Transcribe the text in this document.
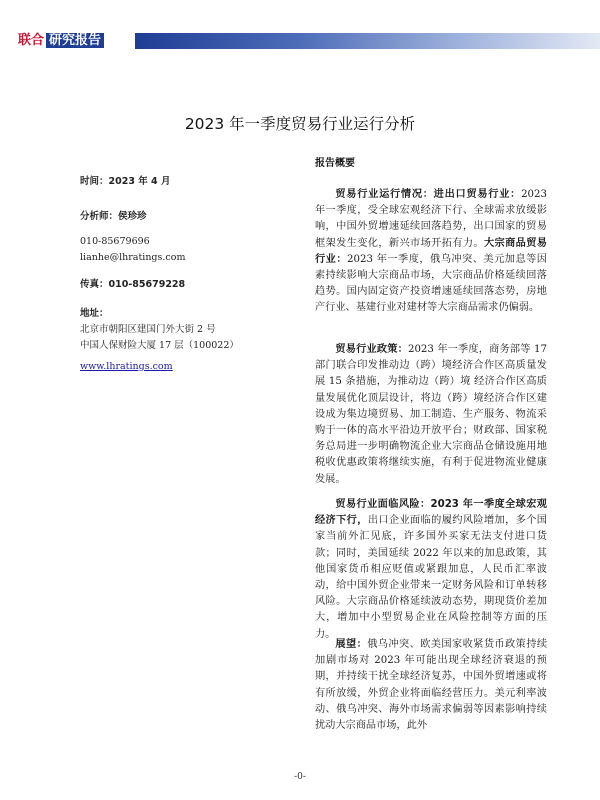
联合 研究报告
2023 年一季度贸易行业运行分析
时间：2023 年 4 月
分析师：侯珍珍
010-85679696
lianhe@lhratings.com
传真：010-85679228
地址：
北京市朝阳区建国门外大街 2 号
中国人保财险大厦 17 层（100022）
www.lhratings.com
报告概要

贸易行业运行情况：进出口贸易行业：2023 年一季度，受全球宏观经济下行、全球需求放缓影响，中国外贸增速延续回落趋势，出口国家的贸易框架发生变化，新兴市场开拓有力。大宗商品贸易行业：2023 年一季度，俄乌冲突、美元加息等因素持续影响大宗商品市场，大宗商品价格延续回落趋势。国内固定资产投资增速延续回落态势，房地产行业、基建行业对建材等大宗商品需求仍偏弱。

贸易行业政策：2023 年一季度，商务部等 17 部门联合印发推动边（跨）境经济合作区高质量发展 15 条措施，为推动边（跨）境 经济合作区高质量发展优化顶层设计，将边（跨）境经济合作区建设成为集边境贸易、加工制造、生产服务、物流采购于一体的高水平沿边开放平台；财政部、国家税务总局进一步明确物流企业大宗商品仓储设施用地税收优惠政策将继续实施，有利于促进物流业健康发展。

贸易行业面临风险：2023 年一季度全球宏观经济下行，出口企业面临的履约风险增加，多个国家当前外汇见底，许多国外买家无法支付进口货款；同时，美国延续 2022 年以来的加息政策，其他国家货币相应贬值或紧跟加息，人民币汇率波动，给中国外贸企业带来一定财务风险和订单转移风险。大宗商品价格延续波动态势，期现货价差加大，增加中小型贸易企业在风险控制等方面的压力。

展望：俄乌冲突、欧美国家收紧货币政策持续加剧市场对 2023 年可能出现全球经济衰退的预期，并持续干扰全球经济复苏，中国外贸增速或将有所放缓，外贸企业将面临经营压力。美元利率波动、俄乌冲突、海外市场需求偏弱等因素影响持续扰动大宗商品市场，此外

-0-
